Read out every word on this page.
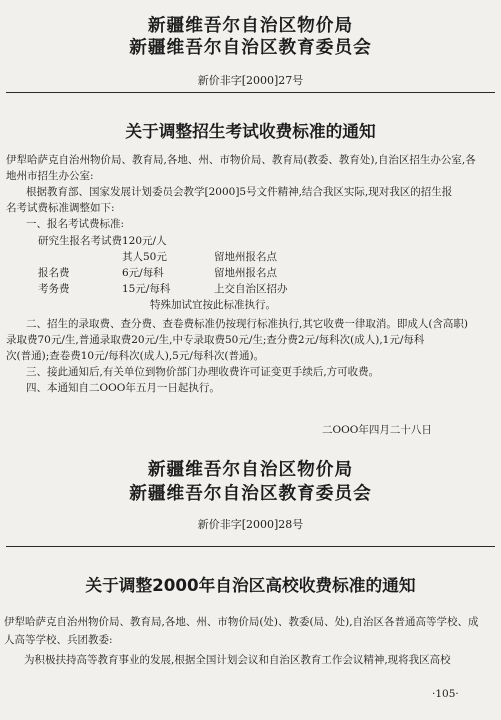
新疆维吾尔自治区物价局
新疆维吾尔自治区教育委员会
新价非字[2000]27号
关于调整招生考试收费标准的通知
伊犁哈萨克自治州物价局、教育局,各地、州、市物价局、教育局(教委、教育处),自治区招生办公室,各
地州市招生办公室:
根据教育部、国家发展计划委员会教学[2000]5号文件精神,结合我区实际,现对我区的招生报
名考试费标准调整如下:
一、报名考试费标准:
研究生报名考试费 120元/人
其人50元	留地州报名点
报名费	6元/每科	留地州报名点
考务费	15元/每科	上交自治区招办
特殊加试宜按此标准执行。
二、招生的录取费、查分费、查卷费标准仍按现行标准执行,其它收费一律取消。即成人(含高职)
录取费70元/生,普通录取费20元/生,中专录取费50元/生;查分费2元/每科次(成人),1元/每科
次(普通);查卷费10元/每科次(成人),5元/每科次(普通)。
三、接此通知后,有关单位到物价部门办理收费许可证变更手续后,方可收费。
四、本通知自二OOO年五月一日起执行。
二OOO年四月二十八日
新疆维吾尔自治区物价局
新疆维吾尔自治区教育委员会
新价非字[2000]28号
关于调整2000年自治区高校收费标准的通知
伊犁哈萨克自治州物价局、教育局,各地、州、市物价局(处)、教委(局、处),自治区各普通高等学校、成
人高等学校、兵团教委:
为积极扶持高等教育事业的发展,根据全国计划会议和自治区教育工作会议精神,现将我区高校
·105·
